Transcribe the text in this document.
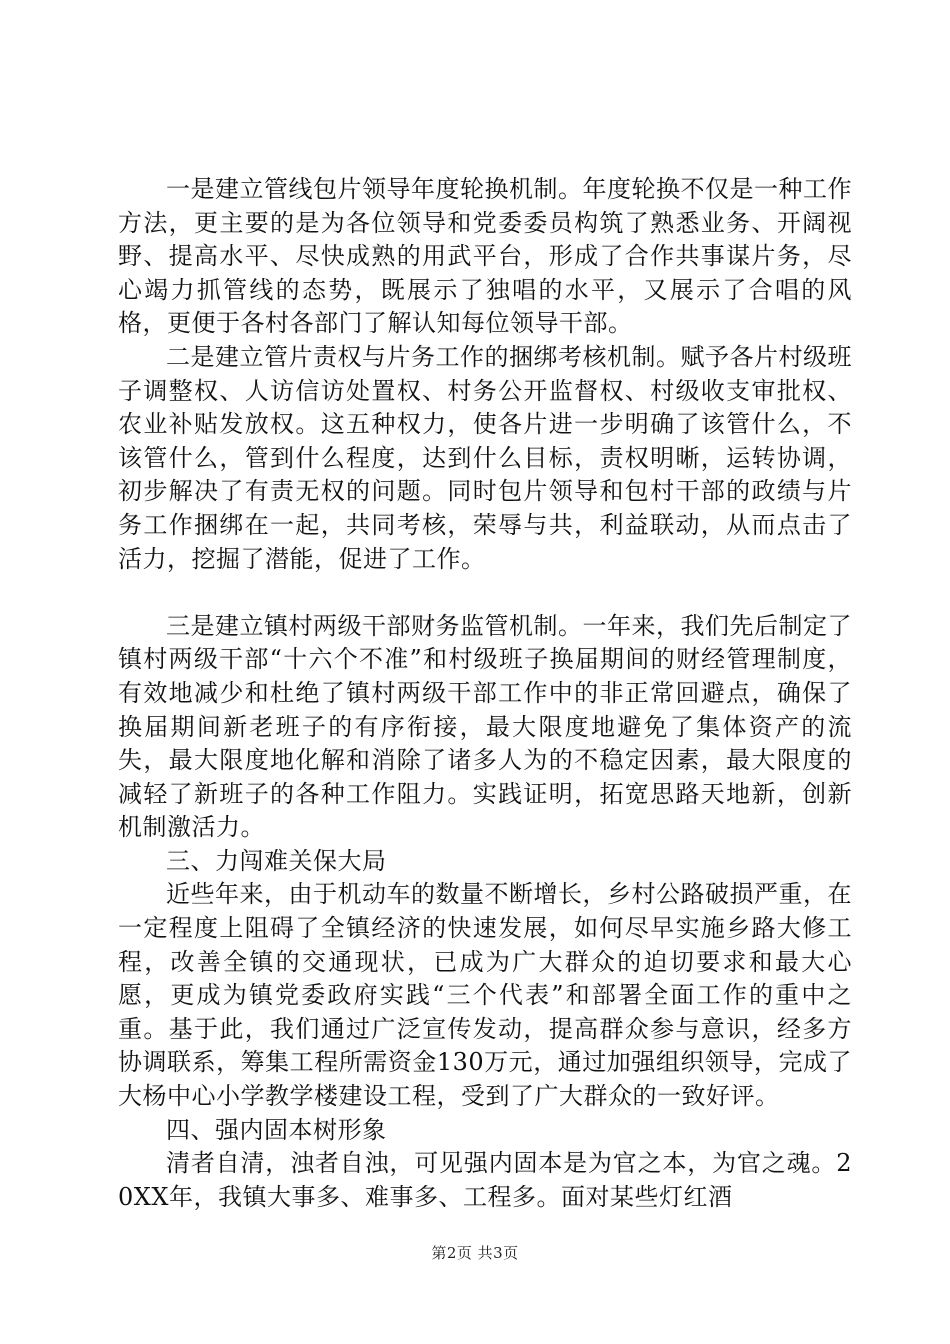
一是建立管线包片领导年度轮换机制。年度轮换不仅是一种工作方法，更主要的是为各位领导和党委委员构筑了熟悉业务、开阔视野、提高水平、尽快成熟的用武平台，形成了合作共事谋片务，尽心竭力抓管线的态势，既展示了独唱的水平，又展示了合唱的风格，更便于各村各部门了解认知每位领导干部。

二是建立管片责权与片务工作的捆绑考核机制。赋予各片村级班子调整权、人访信访处置权、村务公开监督权、村级收支审批权、农业补贴发放权。这五种权力，使各片进一步明确了该管什么，不该管什么，管到什么程度，达到什么目标，责权明晰，运转协调，初步解决了有责无权的问题。同时包片领导和包村干部的政绩与片务工作捆绑在一起，共同考核，荣辱与共，利益联动，从而点击了活力，挖掘了潜能，促进了工作。

三是建立镇村两级干部财务监管机制。一年来，我们先后制定了镇村两级干部“十六个不准”和村级班子换届期间的财经管理制度，有效地减少和杜绝了镇村两级干部工作中的非正常回避点，确保了换届期间新老班子的有序衔接，最大限度地避免了集体资产的流失，最大限度地化解和消除了诸多人为的不稳定因素，最大限度的减轻了新班子的各种工作阻力。实践证明，拓宽思路天地新，创新机制激活力。

三、力闯难关保大局

近些年来，由于机动车的数量不断增长，乡村公路破损严重，在一定程度上阻碍了全镇经济的快速发展，如何尽早实施乡路大修工程，改善全镇的交通现状，已成为广大群众的迫切要求和最大心愿，更成为镇党委政府实践“三个代表”和部署全面工作的重中之重。基于此，我们通过广泛宣传发动，提高群众参与意识，经多方协调联系，筹集工程所需资金130万元，通过加强组织领导，完成了大杨中心小学教学楼建设工程，受到了广大群众的一致好评。

四、强内固本树形象

清者自清，浊者自浊，可见强内固本是为官之本，为官之魂。20XX年，我镇大事多、难事多、工程多。面对某些灯红酒

第2页 共3页
